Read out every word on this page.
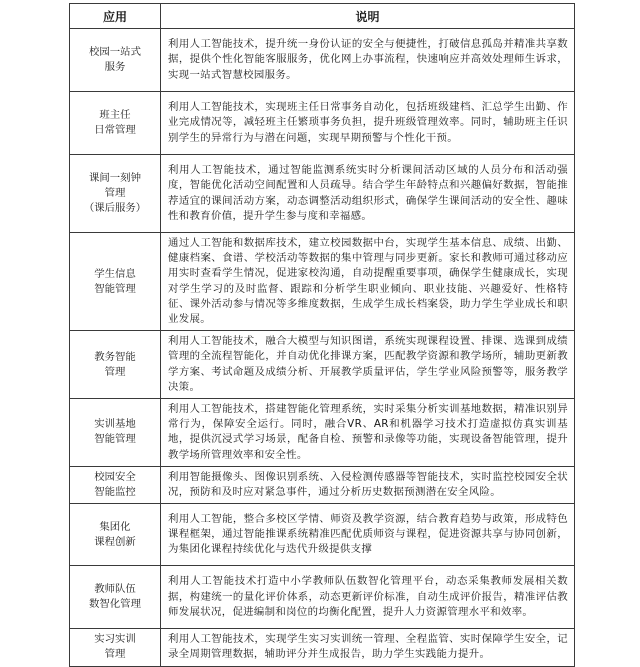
应用	说明

校园一站式
服务	利用人工智能技术，提升统一身份认证的安全与便捷性，打破信息孤岛并精准共享数据，提供个性化智能客服服务，优化网上办事流程，快速响应并高效处理师生诉求，实现一站式智慧校园服务。

班主任
日常管理	利用人工智能技术，实现班主任日常事务自动化，包括班级建档、汇总学生出勤、作业完成情况等，减轻班主任繁琐事务负担，提升班级管理效率。同时，辅助班主任识别学生的异常行为与潜在问题，实现早期预警与个性化干预。

课间一刻钟
管理
（课后服务）	利用人工智能技术，通过智能监测系统实时分析课间活动区域的人员分布和活动强度，智能优化活动空间配置和人员疏导。结合学生年龄特点和兴趣偏好数据，智能推荐适宜的课间活动方案，动态调整活动组织形式，确保学生课间活动的安全性、趣味性和教育价值，提升学生参与度和幸福感。

学生信息
智能管理	通过人工智能和数据库技术，建立校园数据中台，实现学生基本信息、成绩、出勤、健康档案、食谱、学校活动等数据的集中管理与同步更新。家长和教师可通过移动应用实时查看学生情况，促进家校沟通，自动提醒重要事项，确保学生健康成长，实现对学生学习的及时监督、跟踪和分析学生职业倾向、职业技能、兴趣爱好、性格特征、课外活动参与情况等多维度数据，生成学生成长档案袋，助力学生学业成长和职业发展。

教务智能
管理	利用人工智能技术，融合大模型与知识图谱，系统实现课程设置、排课、选课到成绩管理的全流程智能化，并自动优化排课方案，匹配教学资源和教学场所，辅助更新教学方案、考试命题及成绩分析、开展教学质量评估，学生学业风险预警等，服务教学决策。

实训基地
智能管理	利用人工智能技术，搭建智能化管理系统，实时采集分析实训基地数据，精准识别异常行为，保障安全运行。同时，融合VR、AR和机器学习技术打造虚拟仿真实训基地，提供沉浸式学习场景，配备自检、预警和录像等功能，实现设备智能管理，提升教学场所管理效率和安全性。

校园安全
智能监控	利用智能摄像头、图像识别系统、入侵检测传感器等智能技术，实时监控校园安全状况，预防和及时应对紧急事件，通过分析历史数据预测潜在安全风险。

集团化
课程创新	利用人工智能，整合多校区学情、师资及教学资源，结合教育趋势与政策，形成特色课程框架，通过智能推课系统精准匹配优质师资与课程，促进资源共享与协同创新，为集团化课程持续优化与迭代升级提供支撑

教师队伍
数智化管理	利用人工智能技术打造中小学教师队伍数智化管理平台，动态采集教师发展相关数据，构建统一的量化评价体系，动态更新评价标准，自动生成评价报告，精准评估教师发展状况，促进编制和岗位的均衡化配置，提升人力资源管理水平和效率。

实习实训
管理	利用人工智能技术，实现学生实习实训统一管理、全程监管、实时保障学生安全，记录全周期管理数据，辅助评分并生成报告，助力学生实践能力提升。
